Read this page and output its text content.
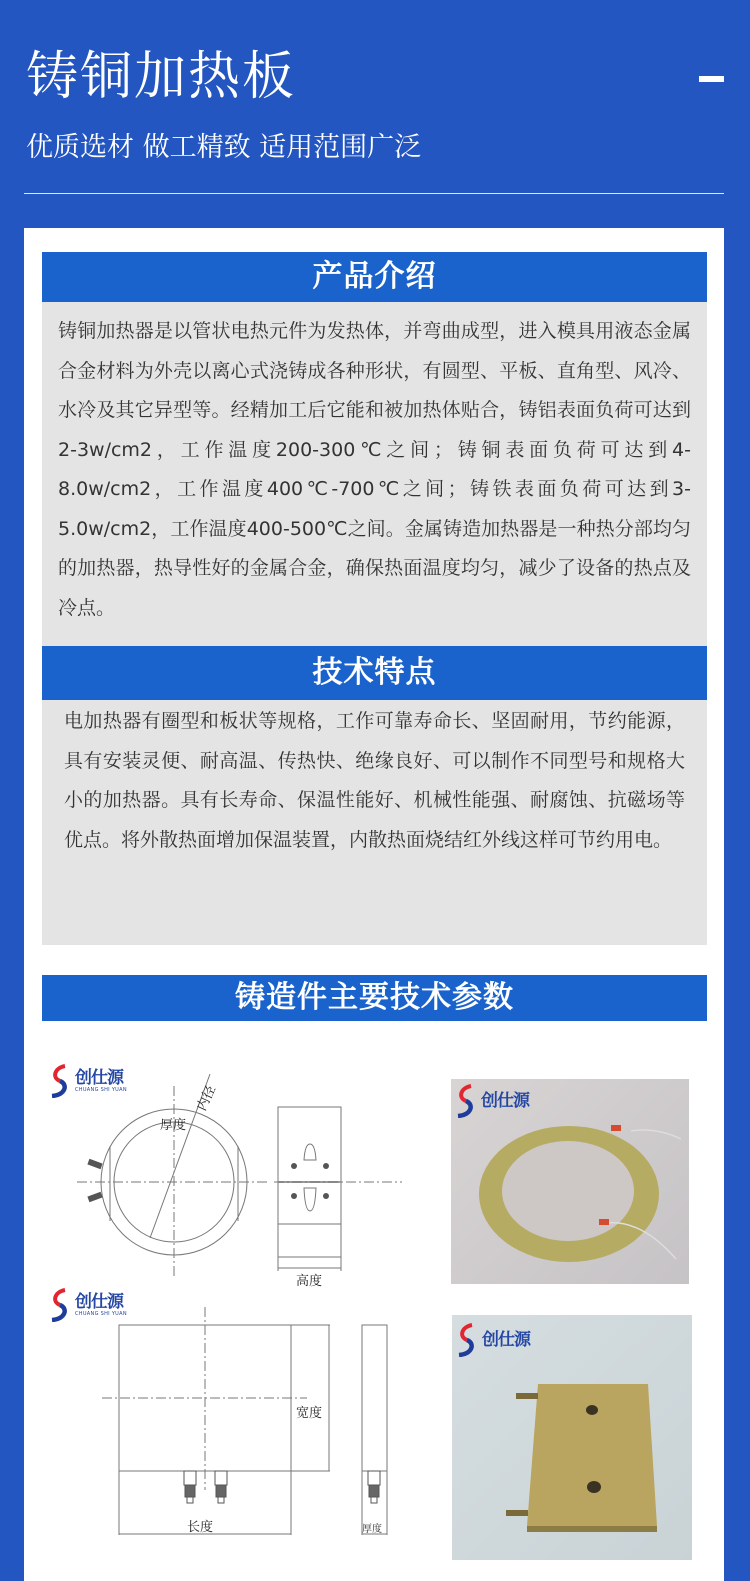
铸铜加热板
优质选材 做工精致 适用范围广泛
产品介绍

铸铜加热器是以管状电热元件为发热体，并弯曲成型，进入模具用液态金属合金材料为外壳以离心式浇铸成各种形状，有圆型、平板、直角型、风冷、水冷及其它异型等。经精加工后它能和被加热体贴合，铸铝表面负荷可达到2-3w/cm2，工作温度200-300℃之间；铸铜表面负荷可达到4-8.0w/cm2，工作温度400℃-700℃之间；铸铁表面负荷可达到3-5.0w/cm2，工作温度400-500℃之间。金属铸造加热器是一种热分部均匀的加热器，热导性好的金属合金，确保热面温度均匀，减少了设备的热点及冷点。

技术特点

电加热器有圈型和板状等规格，工作可靠寿命长、坚固耐用，节约能源，具有安装灵便、耐高温、传热快、绝缘良好、可以制作不同型号和规格大小的加热器。具有长寿命、保温性能好、机械性能强、耐腐蚀、抗磁场等优点。将外散热面增加保温装置，内散热面烧结红外线这样可节约用电。

铸造件主要技术参数
创仕源
CHUANG SHI YUAN
厚度
内径
高度
创仕源
创仕源
CHUANG SHI YUAN
宽度
长度	厚度
创仕源
